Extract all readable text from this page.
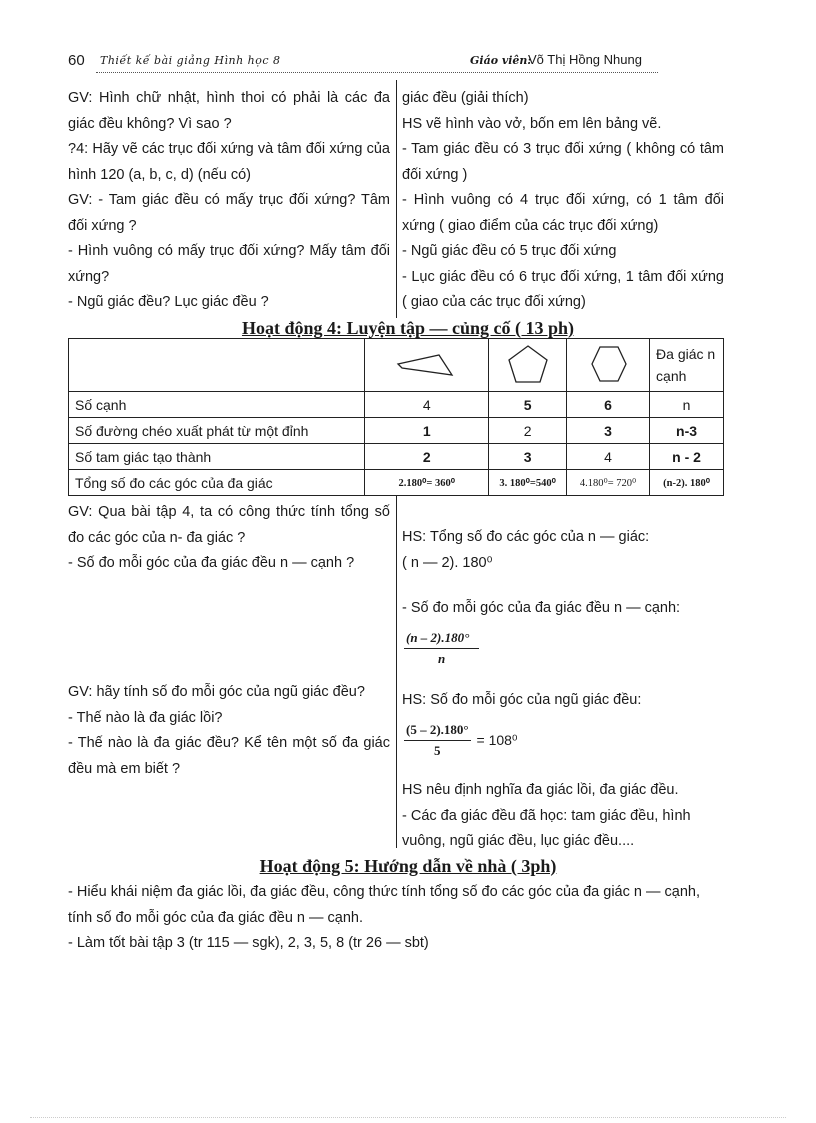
60 Thiết kế bài giảng Hình học 8	Giáo viên:
Võ Thị Hồng Nhung

GV: Hình chữ nhật, hình thoi có phải là các đa giác đều không? Vì sao ?

?4: Hãy vẽ các trục đối xứng và tâm đối xứng của hình 120 (a, b, c, d) (nếu có)

GV: - Tam giác đều có mấy trục đối xứng? Tâm đối xứng ?

- Hình vuông có mấy trục đối xứng? Mấy tâm đối xứng?

- Ngũ giác đều? Lục giác đều ?

giác đều (giải thích)

HS vẽ hình vào vở, bốn em lên bảng vẽ.

- Tam giác đều có 3 trục đối xứng ( không có tâm đối xứng )

- Hình vuông có 4 trục đối xứng, có 1 tâm đối xứng ( giao điểm của các trục đối xứng)

- Ngũ giác đều có 5 trục đối xứng

- Lục giác đều có 6 trục đối xứng, 1 tâm đối xứng ( giao của các trục đối xứng)

Hoạt động 4: Luyện tập — củng cố ( 13 ph)
				Đa giác n cạnh
Số cạnh	4	5	6	n
Số đường chéo xuất phát từ một đỉnh	1	2	3	n-3
Số tam giác tạo thành	2	3	4	n - 2
Tổng số đo các góc của đa giác	2.180⁰= 360⁰	3. 180⁰=540⁰	4.180⁰= 720⁰	(n-2). 180⁰

GV: Qua bài tập 4, ta có công thức tính tổng số đo các góc của n- đa giác ?

- Số đo mỗi góc của đa giác đều n — cạnh ?

GV: hãy tính số đo mỗi góc của ngũ giác đều?

- Thế nào là đa giác lồi?

- Thế nào là đa giác đều? Kể tên một số đa giác đều mà em biết ?

HS: Tổng số đo các góc của n — giác:

( n — 2). 180⁰

- Số đo mỗi góc của đa giác đều n — cạnh:

$\frac{(n - 2).180^\circ}{n}$

HS: Số đo mỗi góc của ngũ giác đều:

$\frac{(5 - 2).180^\circ}{5} = 108^0$

HS nêu định nghĩa đa giác lồi, đa giác đều.

- Các đa giác đều đã học: tam giác đều, hình vuông, ngũ giác đều, lục giác đều....

Hoạt động 5: Hướng dẫn về nhà ( 3ph)

- Hiểu khái niệm đa giác lồi, đa giác đều, công thức tính tổng số đo các góc của đa giác n — cạnh, tính số đo mỗi góc của đa giác đều n — cạnh.

- Làm tốt bài tập 3 (tr 115 — sgk), 2, 3, 5, 8 (tr 26 — sbt)
